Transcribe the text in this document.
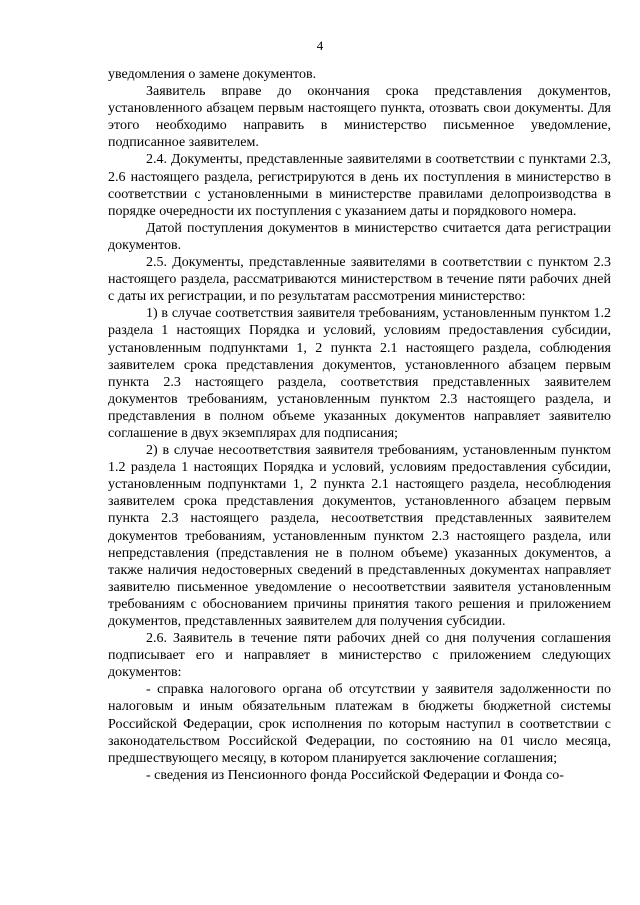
4

уведомления о замене документов.

Заявитель вправе до окончания срока представления документов, установленного абзацем первым настоящего пункта, отозвать свои документы. Для этого необходимо направить в министерство письменное уведомление, подписанное заявителем.

2.4. Документы, представленные заявителями в соответствии с пунктами 2.3, 2.6 настоящего раздела, регистрируются в день их поступления в министерство в соответствии с установленными в министерстве правилами делопроизводства в порядке очередности их поступления с указанием даты и порядкового номера.

Датой поступления документов в министерство считается дата регистрации документов.

2.5. Документы, представленные заявителями в соответствии с пунктом 2.3 настоящего раздела, рассматриваются министерством в течение пяти рабочих дней с даты их регистрации, и по результатам рассмотрения министерство:

1) в случае соответствия заявителя требованиям, установленным пунктом 1.2 раздела 1 настоящих Порядка и условий, условиям предоставления субсидии, установленным подпунктами 1, 2 пункта 2.1 настоящего раздела, соблюдения заявителем срока представления документов, установленного абзацем первым пункта 2.3 настоящего раздела, соответствия представленных заявителем документов требованиям, установленным пунктом 2.3 настоящего раздела, и представления в полном объеме указанных документов направляет заявителю соглашение в двух экземплярах для подписания;

2) в случае несоответствия заявителя требованиям, установленным пунктом 1.2 раздела 1 настоящих Порядка и условий, условиям предоставления субсидии, установленным подпунктами 1, 2 пункта 2.1 настоящего раздела, несоблюдения заявителем срока представления документов, установленного абзацем первым пункта 2.3 настоящего раздела, несоответствия представленных заявителем документов требованиям, установленным пунктом 2.3 настоящего раздела, или непредставления (представления не в полном объеме) указанных документов, а также наличия недостоверных сведений в представленных документах направляет заявителю письменное уведомление о несоответствии заявителя установленным требованиям с обоснованием причины принятия такого решения и приложением документов, представленных заявителем для получения субсидии.

2.6. Заявитель в течение пяти рабочих дней со дня получения соглашения подписывает его и направляет в министерство с приложением следующих документов:

- справка налогового органа об отсутствии у заявителя задолженности по налоговым и иным обязательным платежам в бюджеты бюджетной системы Российской Федерации, срок исполнения по которым наступил в соответствии с законодательством Российской Федерации, по состоянию на 01 число месяца, предшествующего месяцу, в котором планируется заключение соглашения;

- сведения из Пенсионного фонда Российской Федерации и Фонда со-
